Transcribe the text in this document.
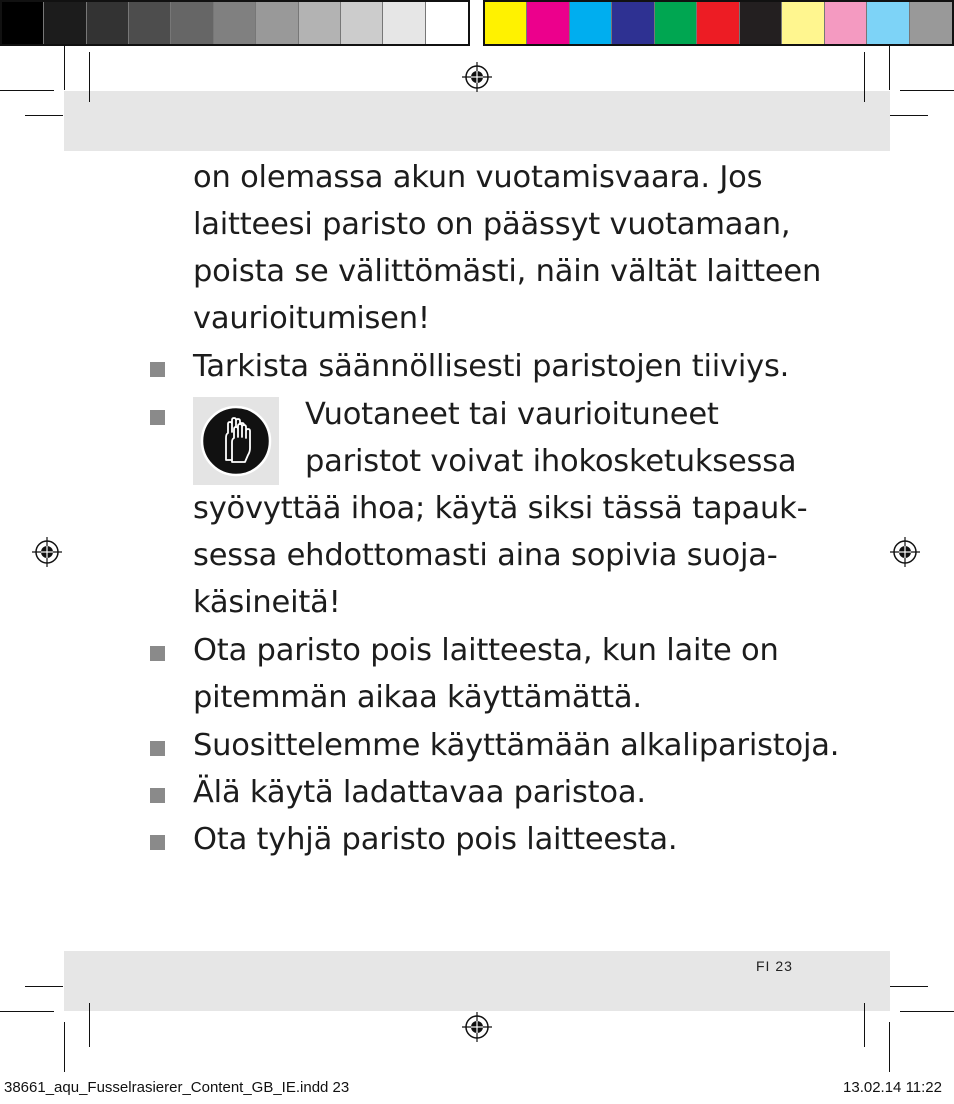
on olemassa akun vuotamisvaara. Jos
laitteesi paristo on päässyt vuotamaan,
poista se välittömästi, näin vältät laitteen
vaurioitumisen!
Tarkista säännöllisesti paristojen tiiviys.
Vuotaneet tai vaurioituneet
paristot voivat ihokosketuksessa
syövyttää ihoa; käytä siksi tässä tapauk-
sessa ehdottomasti aina sopivia suoja-
käsineitä!
Ota paristo pois laitteesta, kun laite on
pitemmän aikaa käyttämättä.
Suosittelemme käyttämään alkaliparistoja.
Älä käytä ladattavaa paristoa.
Ota tyhjä paristo pois laitteesta.
FI 23
38661_aqu_Fusselrasierer_Content_GB_IE.indd 23	13.02.14 11:22
